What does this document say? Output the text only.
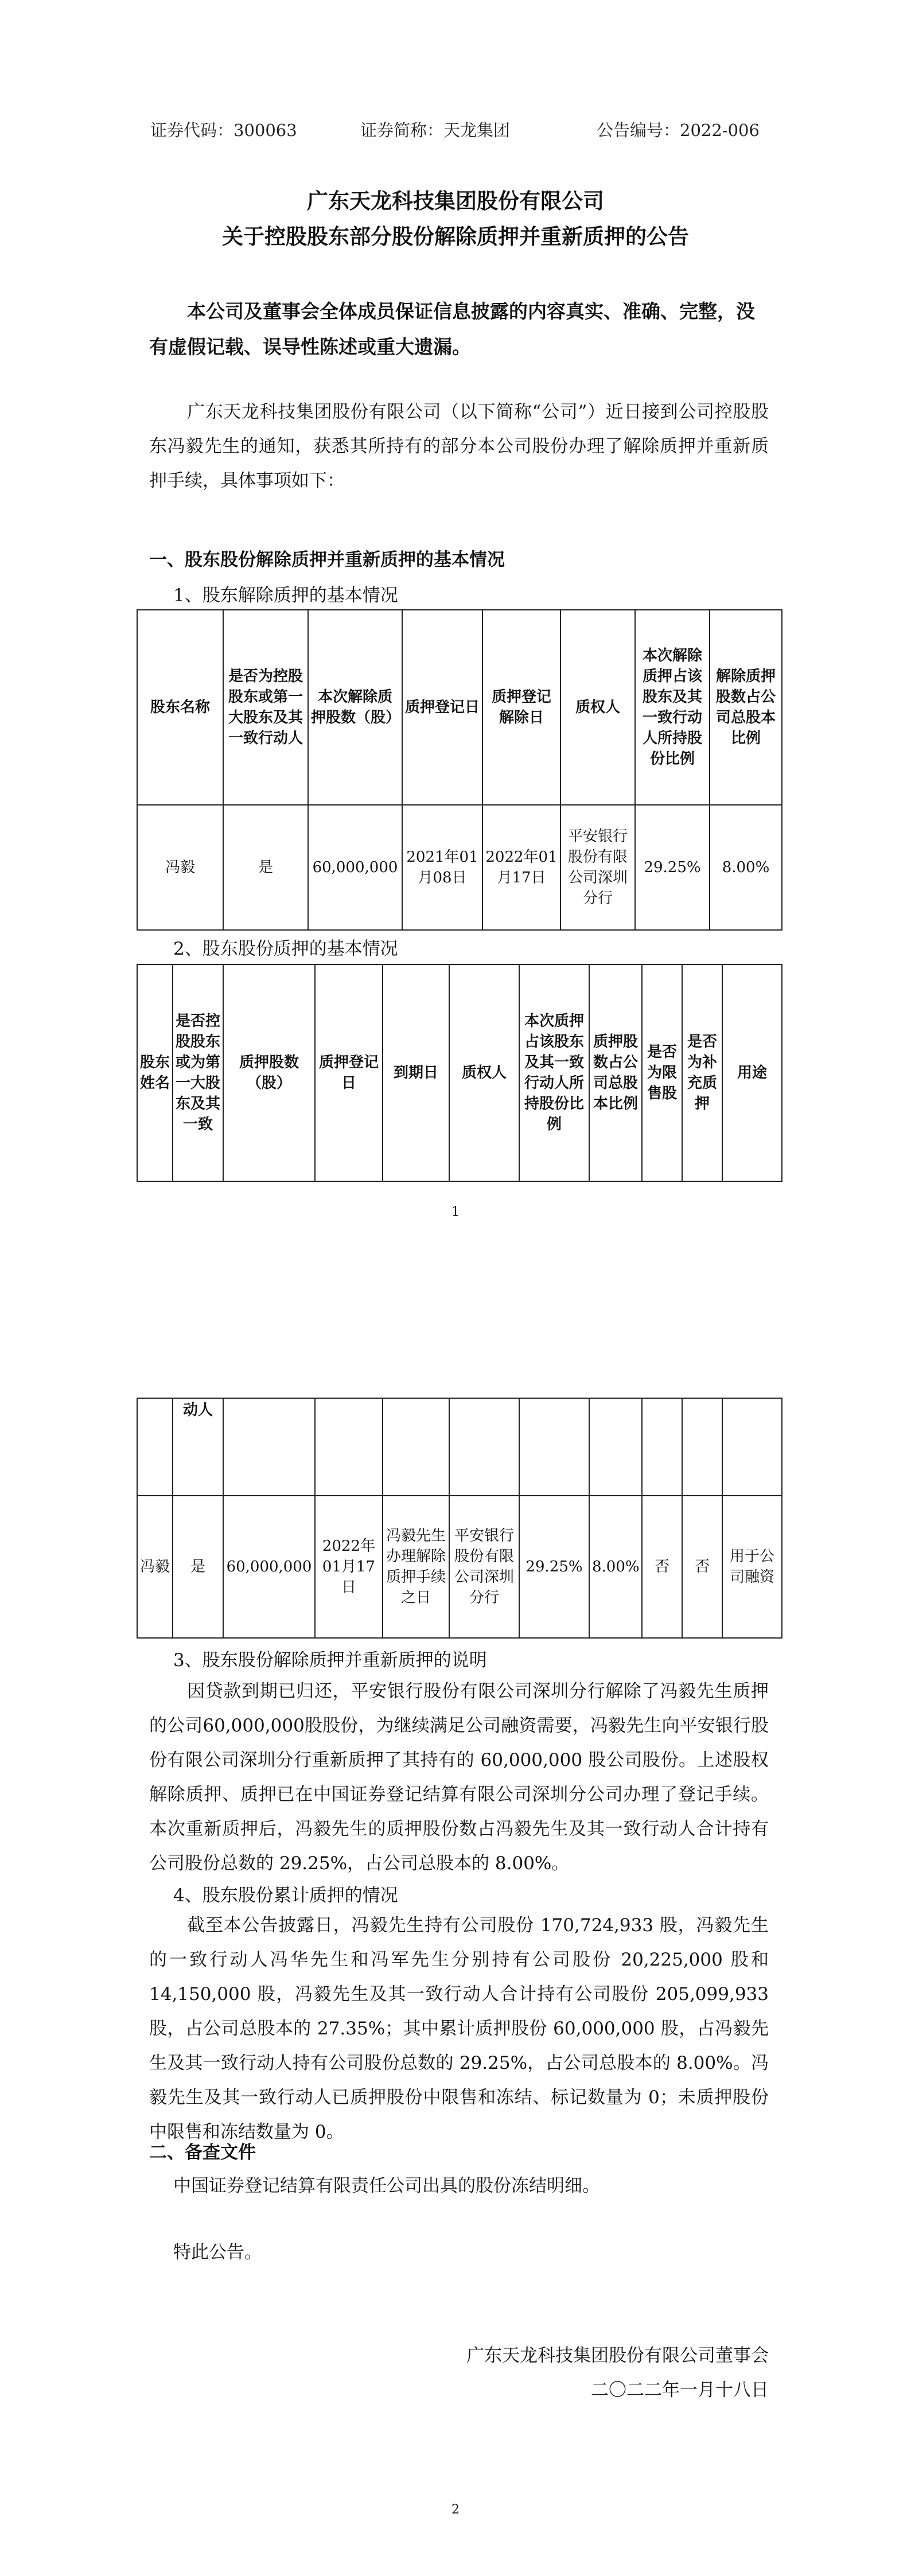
证券代码：300063	证券简称：天龙集团	公告编号：2022-006
广东天龙科技集团股份有限公司
关于控股股东部分股份解除质押并重新质押的公告
本公司及董事会全体成员保证信息披露的内容真实、准确、完整，没有虚假记载、误导性陈述或重大遗漏。
广东天龙科技集团股份有限公司（以下简称“公司”）近日接到公司控股股东冯毅先生的通知，获悉其所持有的部分本公司股份办理了解除质押并重新质押手续，具体事项如下：
一、股东股份解除质押并重新质押的基本情况
1、股东解除质押的基本情况
股东名称	是否为控股股东或第一大股东及其一致行动人	本次解除质押股数（股）	质押登记日	质押登记解除日	质权人	本次解除质押占该股东及其一致行动人所持股份比例	解除质押股数占公司总股本比例
冯毅	是	60,000,000	2021年01月08日	2022年01月17日	平安银行股份有限公司深圳分行	29.25%	8.00%
2、股东股份质押的基本情况
股东姓名	是否控股股东或为第一大股东及其一致	质押股数（股）	质押登记日	到期日	质权人	本次质押占该股东及其一致行动人所持股份比例	质押股数占公司总股本比例	是否为限售股	是否为补充质押	用途
1
	动人									
冯毅	是	60,000,000	2022年01月17日	冯毅先生办理解除质押手续之日	平安银行股份有限公司深圳分行	29.25%	8.00%	否	否	用于公司融资
3、股东股份解除质押并重新质押的说明
因贷款到期已归还，平安银行股份有限公司深圳分行解除了冯毅先生质押的公司60,000,000股股份，为继续满足公司融资需要，冯毅先生向平安银行股份有限公司深圳分行重新质押了其持有的 60,000,000 股公司股份。上述股权解除质押、质押已在中国证券登记结算有限公司深圳分公司办理了登记手续。本次重新质押后，冯毅先生的质押股份数占冯毅先生及其一致行动人合计持有公司股份总数的 29.25%，占公司总股本的 8.00%。
4、股东股份累计质押的情况
截至本公告披露日，冯毅先生持有公司股份 170,724,933 股，冯毅先生的一致行动人冯华先生和冯军先生分别持有公司股份 20,225,000 股和 14,150,000 股，冯毅先生及其一致行动人合计持有公司股份 205,099,933 股，占公司总股本的 27.35%；其中累计质押股份 60,000,000 股，占冯毅先生及其一致行动人持有公司股份总数的 29.25%，占公司总股本的 8.00%。冯毅先生及其一致行动人已质押股份中限售和冻结、标记数量为 0；未质押股份中限售和冻结数量为 0。
二、备查文件
中国证券登记结算有限责任公司出具的股份冻结明细。
特此公告。
广东天龙科技集团股份有限公司董事会
二〇二二年一月十八日
2
